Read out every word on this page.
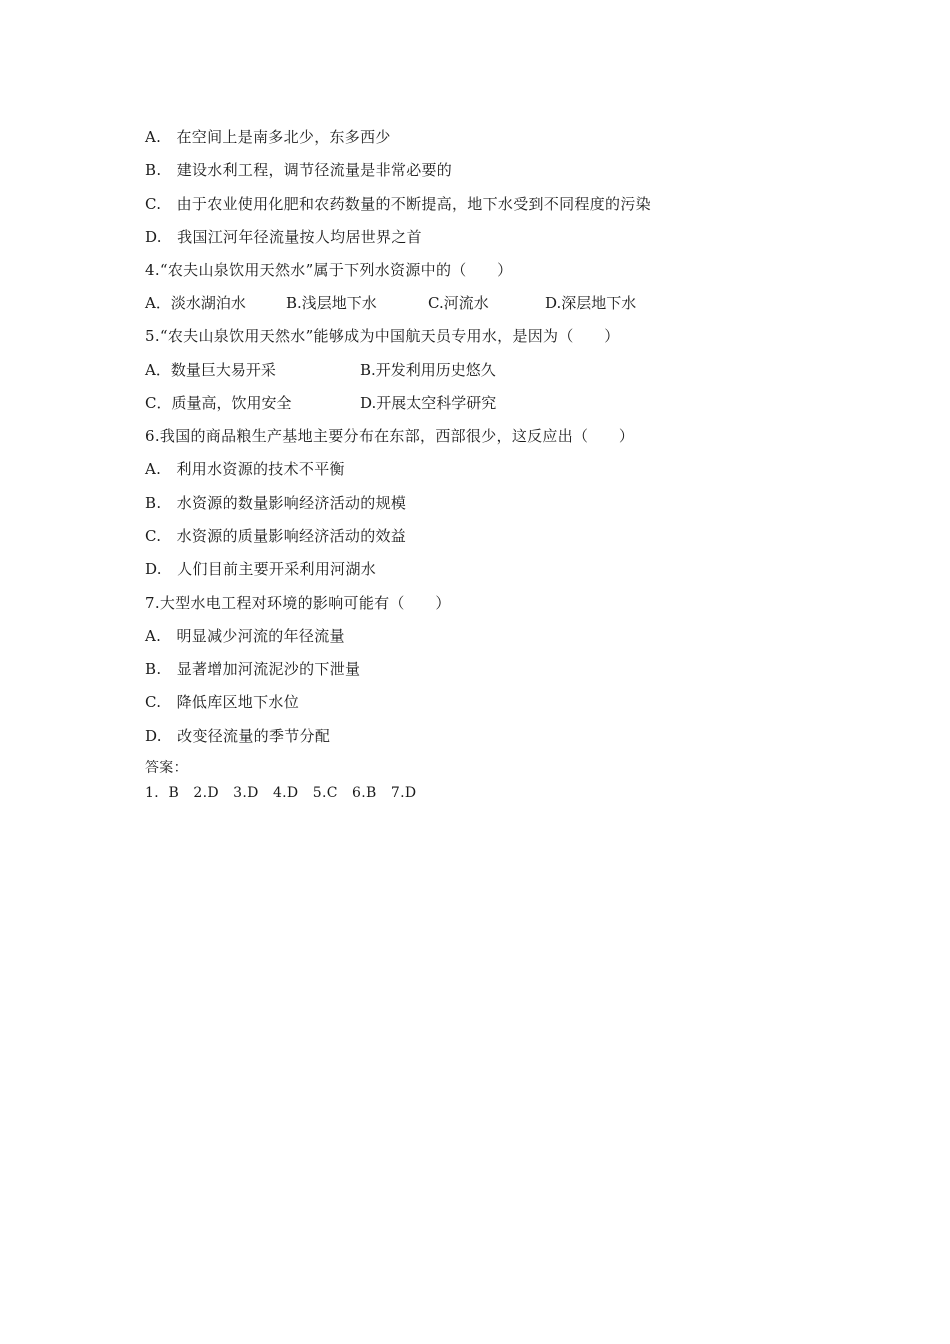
A.　在空间上是南多北少，东多西少
B.　建设水利工程，调节径流量是非常必要的
C.　由于农业使用化肥和农药数量的不断提高，地下水受到不同程度的污染
D.　我国江河年径流量按人均居世界之首
4.“农夫山泉饮用天然水”属于下列水资源中的（　　）

A．淡水湖泊水

	B.浅层地下水

	C.河流水

	D.深层地下水

5.“农夫山泉饮用天然水”能够成为中国航天员专用水，是因为（　　）

A．数量巨大易开采

	B.开发利用历史悠久

C．质量高，饮用安全

	D.开展太空科学研究

6.我国的商品粮生产基地主要分布在东部，西部很少，这反应出（　　）
A.　利用水资源的技术不平衡
B.　水资源的数量影响经济活动的规模
C.　水资源的质量影响经济活动的效益
D.　人们目前主要开采利用河湖水
7.大型水电工程对环境的影响可能有（　　）
A.　明显减少河流的年径流量
B.　显著增加河流泥沙的下泄量
C.　降低库区地下水位
D.　改变径流量的季节分配
答案：
1．B　2.D　3.D　4.D　5.C　6.B　7.D
